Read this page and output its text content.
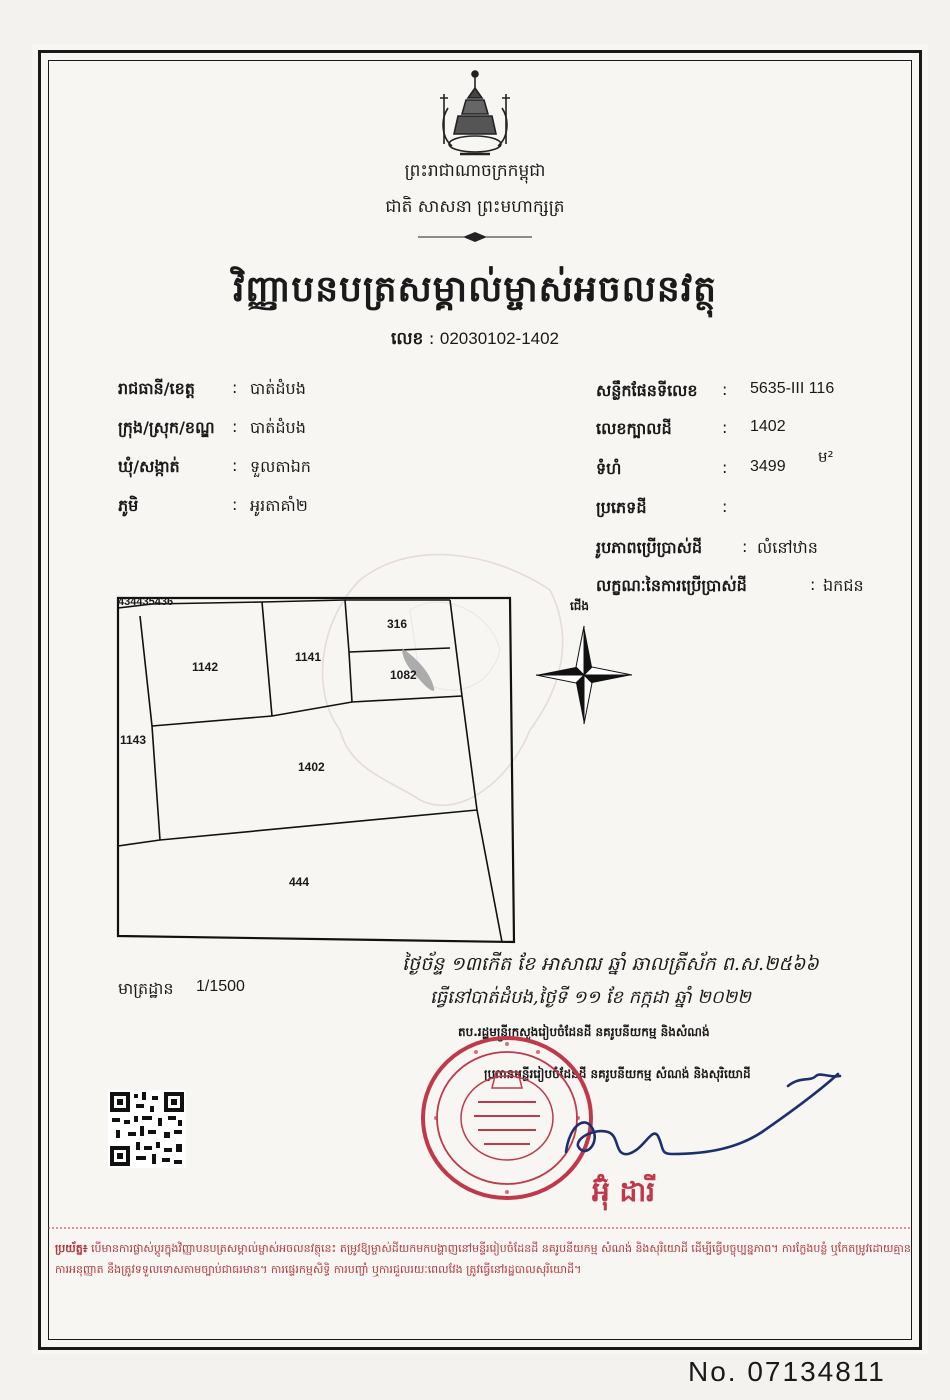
ព្រះរាជាណាចក្រកម្ពុជា
ជាតិ សាសនា ព្រះមហាក្សត្រ
វិញ្ញាបនបត្រសម្គាល់ម្ចាស់អចលនវត្ថុ
លេខ : 02030102-1402
រាជធានី/ខេត្ត : បាត់ដំបង
ក្រុង/ស្រុក/ខណ្ឌ : បាត់ដំបង
ឃុំ/សង្កាត់	: ទួលតាឯក
ភូមិ	: អូរតាគាំ២
សន្លឹកផែនទីលេខ : 5635-III 116
លេខក្បាលដី	: 1402
ទំហំ	: 3499
ម²
ប្រភេទដី	:
រូបភាពប្រើប្រាស់ដី : លំនៅឋាន
លក្ខណៈនៃការប្រើប្រាស់ដី	: ឯកជន
434435436
1142
1141
316
1082
1143
1402
444
ជើង
មាត្រដ្ឋាន 1/1500
ថ្ងៃច័ន្ទ ១៣កើត ខែ អាសាឍ ឆ្នាំ ឆាលត្រីស័ក ព.ស.២៥៦៦
ធ្វើនៅបាត់ដំបង,ថ្ងៃទី ១១ ខែ កក្កដា ឆ្នាំ ២០២២
តប.រដ្ឋមន្ត្រីក្រសួងរៀបចំដែនដី នគរូបនីយកម្ម និងសំណង់
ប្រធានមន្ទីររៀបចំដែនដី នគរូបនីយកម្ម សំណង់ និងសុរិយោដី
អ៊ុំ ដារី
ប្រយ័ត្ន៖ បើមានការផ្លាស់ប្តូរក្នុងវិញ្ញាបនបត្រសម្គាល់ម្ចាស់អចលនវត្ថុនេះ តម្រូវឱ្យម្ចាស់ដីយកមកបង្ហាញនៅមន្ទីររៀបចំដែនដី នគរូបនីយកម្ម សំណង់ និងសុរិយោដី ដើម្បីធ្វើបច្ចុប្បន្នភាព។ ការក្លែងបន្លំ ឬកែតម្រូវដោយគ្មានការអនុញ្ញាត នឹងត្រូវទទួលទោសតាមច្បាប់ជាធរមាន។ ការផ្ទេរកម្មសិទ្ធិ ការបញ្ចាំ ឬការជួលរយៈពេលវែង ត្រូវធ្វើនៅរដ្ឋបាលសុរិយោដី។
No. 07134811
